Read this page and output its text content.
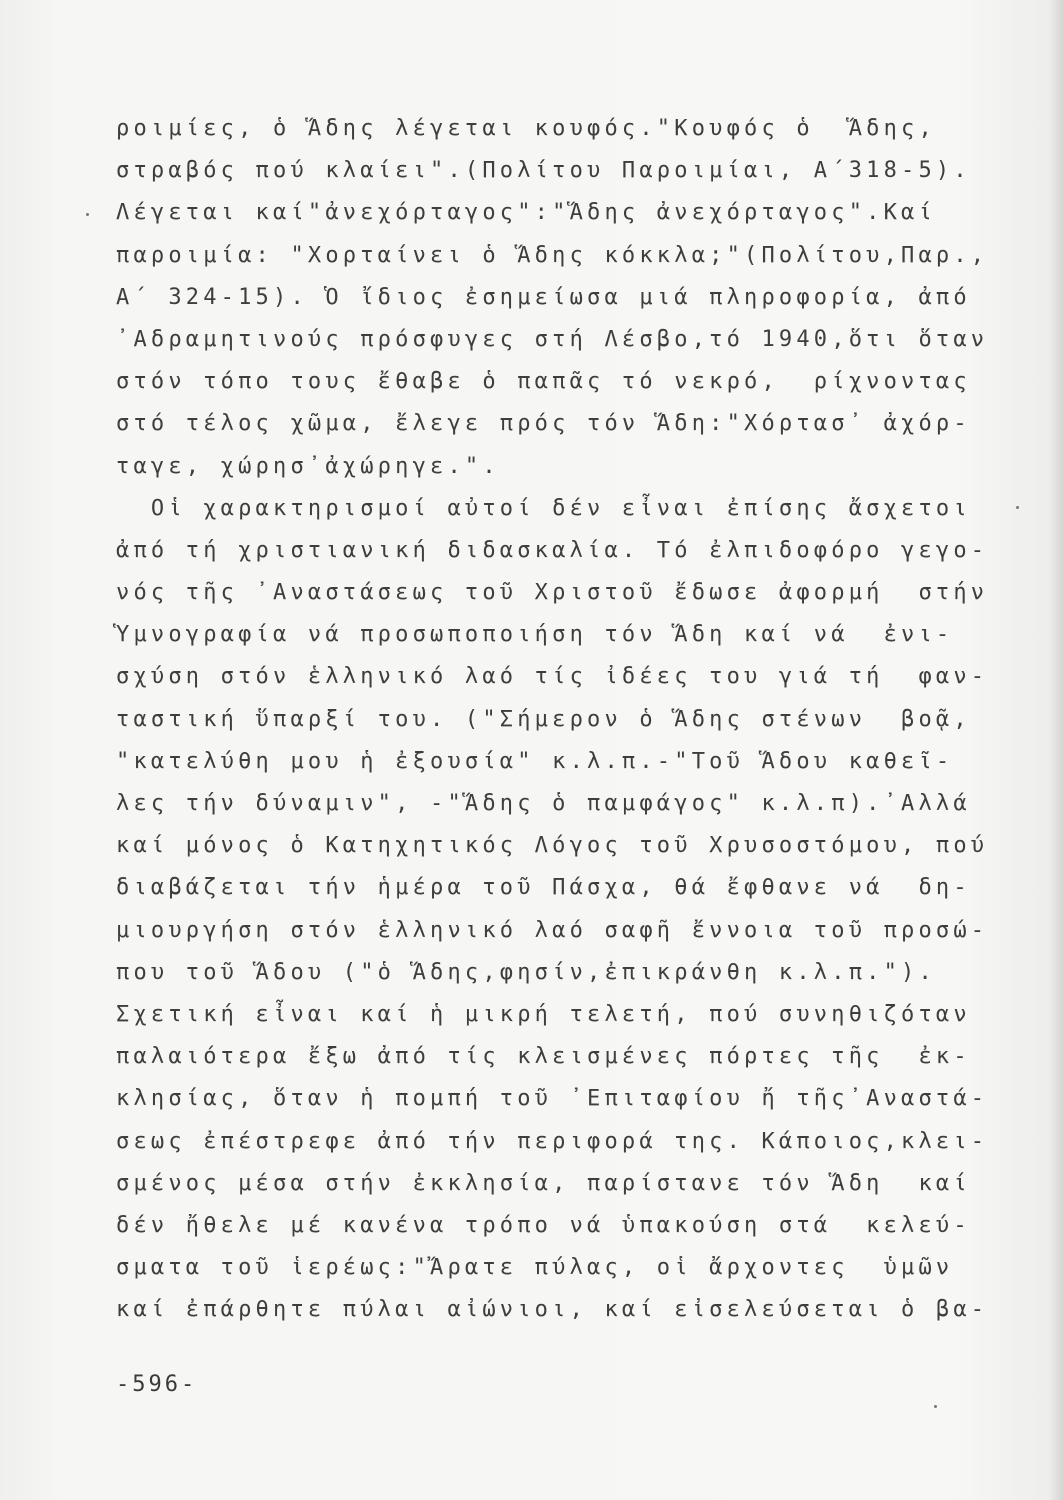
ροιμίες, ὁ Ἅδης λέγεται κουφός."Κουφός ὁ  Ἅδης,
στραβός πού κλαίει".(Πολίτου Παροιμίαι, Α΄318-5).
Λέγεται καί"ἀνεχόρταγος":"Ἅδης ἀνεχόρταγος".Καί
παροιμία: "Χορταίνει ὁ Ἅδης κόκκλα;"(Πολίτου,Παρ.,
Α΄ 324-15). Ὁ ἴδιος ἐσημείωσα μιά πληροφορία, ἀπό
᾿Αδραμητινούς πρόσφυγες στή Λέσβο,τό 1940,ὅτι ὅταν
στόν τόπο τους ἔθαβε ὁ παπᾶς τό νεκρό,  ρίχνοντας
στό τέλος χῶμα, ἔλεγε πρός τόν Ἅδη:"Χόρτασ᾿ ἀχόρ-
ταγε, χώρησ᾿ἀχώρηγε.".
Οἱ χαρακτηρισμοί αὐτοί δέν εἶναι ἐπίσης ἄσχετοι
ἀπό τή χριστιανική διδασκαλία. Τό ἐλπιδοφόρο γεγο-
νός τῆς ᾿Αναστάσεως τοῦ Χριστοῦ ἔδωσε ἀφορμή  στήν
Ὑμνογραφία νά προσωποποιήση τόν Ἅδη καί νά  ἐνι-
σχύση στόν ἑλληνικό λαό τίς ἰδέες του γιά τή  φαν-
ταστική ὕπαρξί του. ("Σήμερον ὁ Ἅδης στένων  βοᾷ,
"κατελύθη μου ἡ ἐξουσία" κ.λ.π.-"Τοῦ Ἅδου καθεῖ-
λες τήν δύναμιν", -"Ἅδης ὁ παμφάγος" κ.λ.π).᾿Αλλά
καί μόνος ὁ Κατηχητικός Λόγος τοῦ Χρυσοστόμου, πού
διαβάζεται τήν ἡμέρα τοῦ Πάσχα, θά ἔφθανε νά  δη-
μιουργήση στόν ἑλληνικό λαό σαφῆ ἔννοια τοῦ προσώ-
που τοῦ Ἅδου ("ὁ Ἅδης,φησίν,ἐπικράνθη κ.λ.π.").
Σχετική εἶναι καί ἡ μικρή τελετή, πού συνηθιζόταν
παλαιότερα ἔξω ἀπό τίς κλεισμένες πόρτες τῆς  ἐκ-
κλησίας, ὅταν ἡ πομπή τοῦ ᾿Επιταφίου ἤ τῆς᾿Αναστά-
σεως ἐπέστρεφε ἀπό τήν περιφορά της. Κάποιος,κλει-
σμένος μέσα στήν ἐκκλησία, παρίστανε τόν Ἅδη  καί
δέν ἤθελε μέ κανένα τρόπο νά ὑπακούση στά  κελεύ-
σματα τοῦ ἱερέως:"Ἄρατε πύλας, οἱ ἄρχοντες  ὑμῶν
καί ἐπάρθητε πύλαι αἰώνιοι, καί εἰσελεύσεται ὁ βα-
-596-
